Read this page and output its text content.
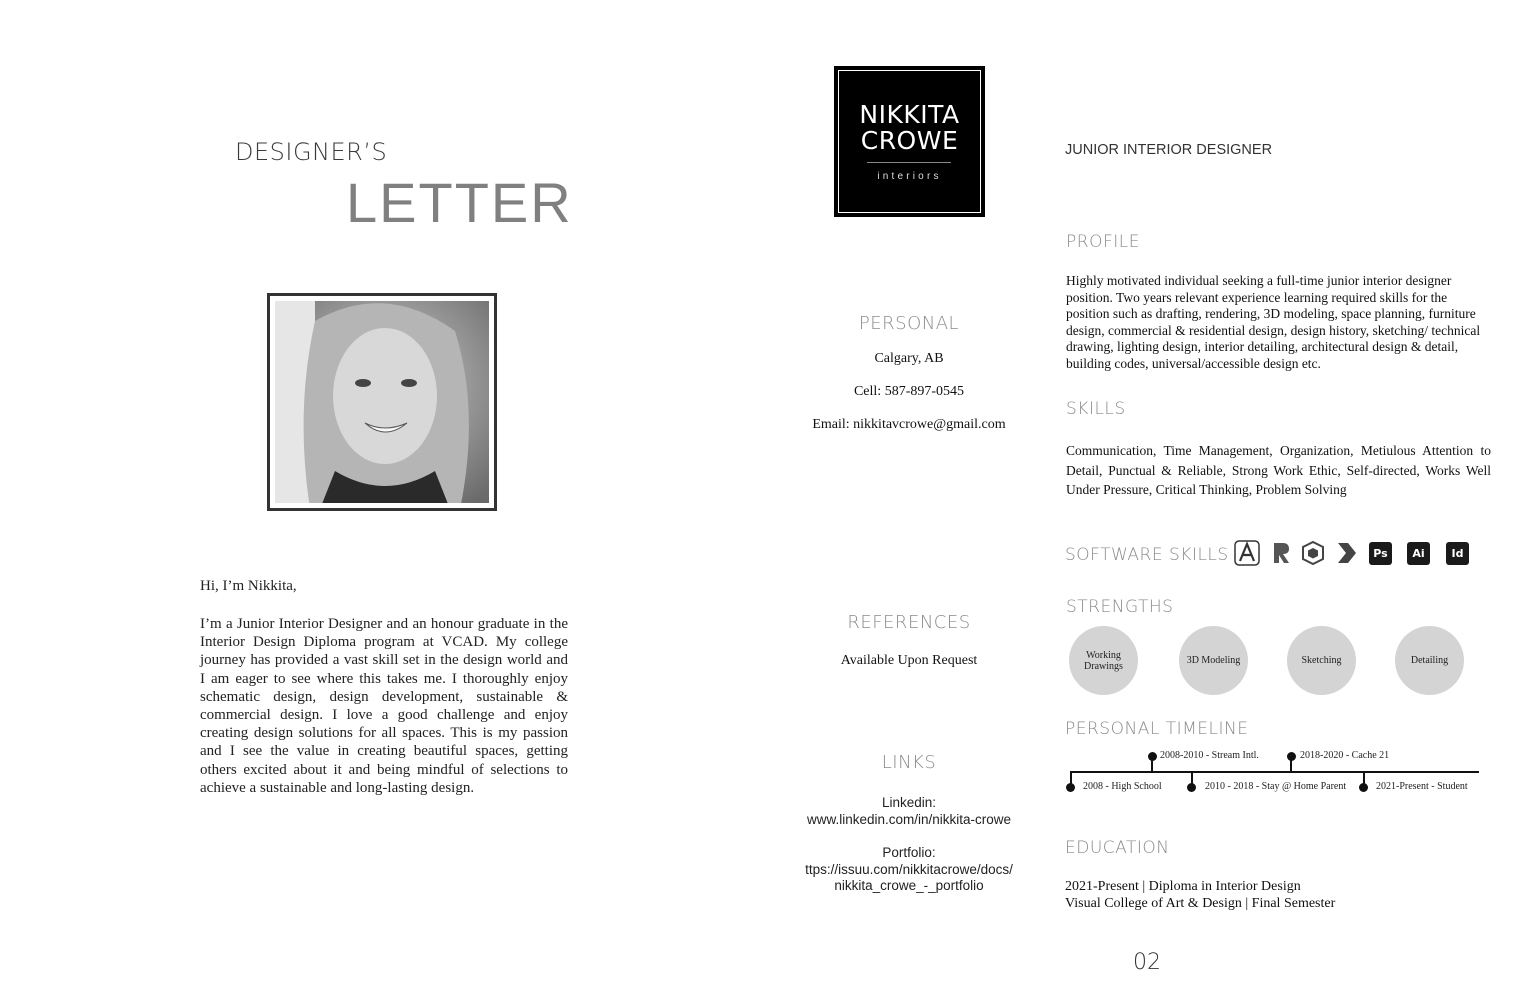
DESIGNER’S
LETTER
Hi, I’m Nikkita,
I’m a Junior Interior Designer and an honour graduate in the Interior Design Diploma program at VCAD. My college journey has provided a vast skill set in the design world and I am eager to see where this takes me. I thoroughly enjoy schematic design, design development, sustainable & commercial design. I love a good challenge and enjoy creating design solutions for all spaces. This is my passion and I see the value in creating beautiful spaces, getting others excited about it and being mindful of selections to achieve a sustainable and long-lasting design.
NIKKITA
CROWE
interiors
PERSONAL
Calgary, AB
Cell: 587-897-0545
Email: nikkitavcrowe@gmail.com
REFERENCES
Available Upon Request
LINKS
Linkedin:
www.linkedin.com/in/nikkita-crowe
Portfolio:
ttps://issuu.com/nikkitacrowe/docs/
nikkita_crowe_-_portfolio
JUNIOR INTERIOR DESIGNER
PROFILE
Highly motivated individual seeking a full-time junior interior designer position. Two years relevant experience learning required skills for the position such as drafting, rendering, 3D modeling, space planning, furniture design, commercial & residential design, design history, sketching/ technical drawing, lighting design, interior detailing, architectural design & detail, building codes, universal/accessible design etc.
SKILLS
Communication, Time Management, Organization, Metiulous Attention to Detail, Punctual & Reliable, Strong Work Ethic, Self-directed, Works Well Under Pressure, Critical Thinking, Problem Solving
SOFTWARE SKILLS	Ps	Ai	Id
STRENGTHS
Working Drawings	3D Modeling	Sketching	Detailing
PERSONAL TIMELINE
2008-2010 - Stream Intl.	2018-2020 - Cache 21
2008 - High School	2010 - 2018 - Stay @ Home Parent	2021-Present - Student
EDUCATION
2021-Present | Diploma in Interior Design
Visual College of Art & Design | Final Semester
02
